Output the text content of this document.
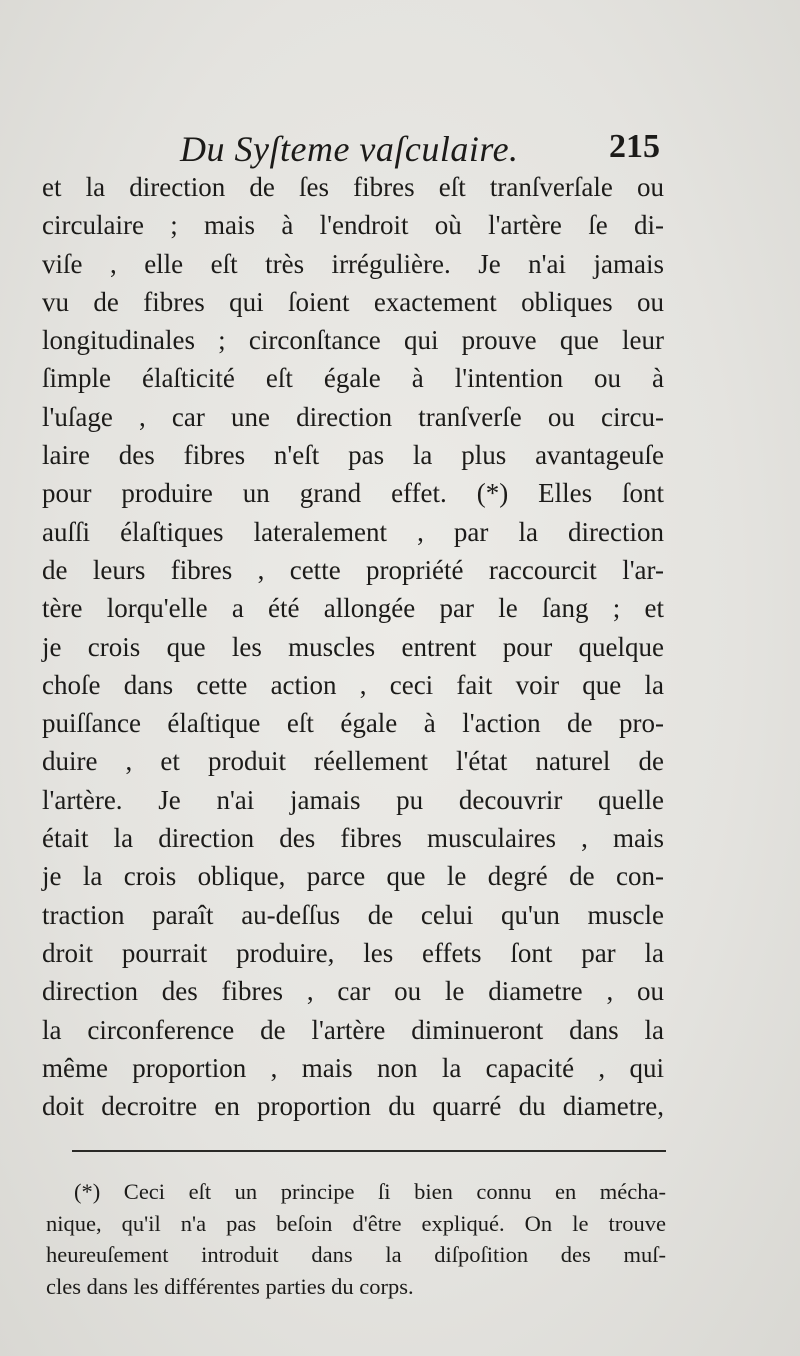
Du Syſteme vaſculaire.	215
et la direction de ſes fibres eſt tranſverſale ou
circulaire ; mais à l'endroit où l'artère ſe di-
viſe , elle eſt très irrégulière. Je n'ai jamais
vu de fibres qui ſoient exactement obliques ou
longitudinales ; circonſtance qui prouve que leur
ſimple élaſticité eſt égale à l'intention ou à
l'uſage , car une direction tranſverſe ou circu-
laire des fibres n'eſt pas la plus avantageuſe
pour produire un grand effet. (*) Elles ſont
auſſi élaſtiques lateralement , par la direction
de leurs fibres , cette propriété raccourcit l'ar-
tère lorqu'elle a été allongée par le ſang ; et
je crois que les muscles entrent pour quelque
choſe dans cette action , ceci fait voir que la
puiſſance élaſtique eſt égale à l'action de pro-
duire , et produit réellement l'état naturel de
l'artère. Je n'ai jamais pu decouvrir quelle
était la direction des fibres musculaires , mais
je la crois oblique, parce que le degré de con-
traction paraît au-deſſus de celui qu'un muscle
droit pourrait produire, les effets ſont par la
direction des fibres , car ou le diametre , ou
la circonference de l'artère diminueront dans la
même proportion , mais non la capacité , qui
doit decroitre en proportion du quarré du diametre,
(*) Ceci eſt un principe ſi bien connu en mécha-
nique, qu'il n'a pas beſoin d'être expliqué. On le trouve
heureuſement introduit dans la diſpoſition des muſ-
cles dans les différentes parties du corps.
